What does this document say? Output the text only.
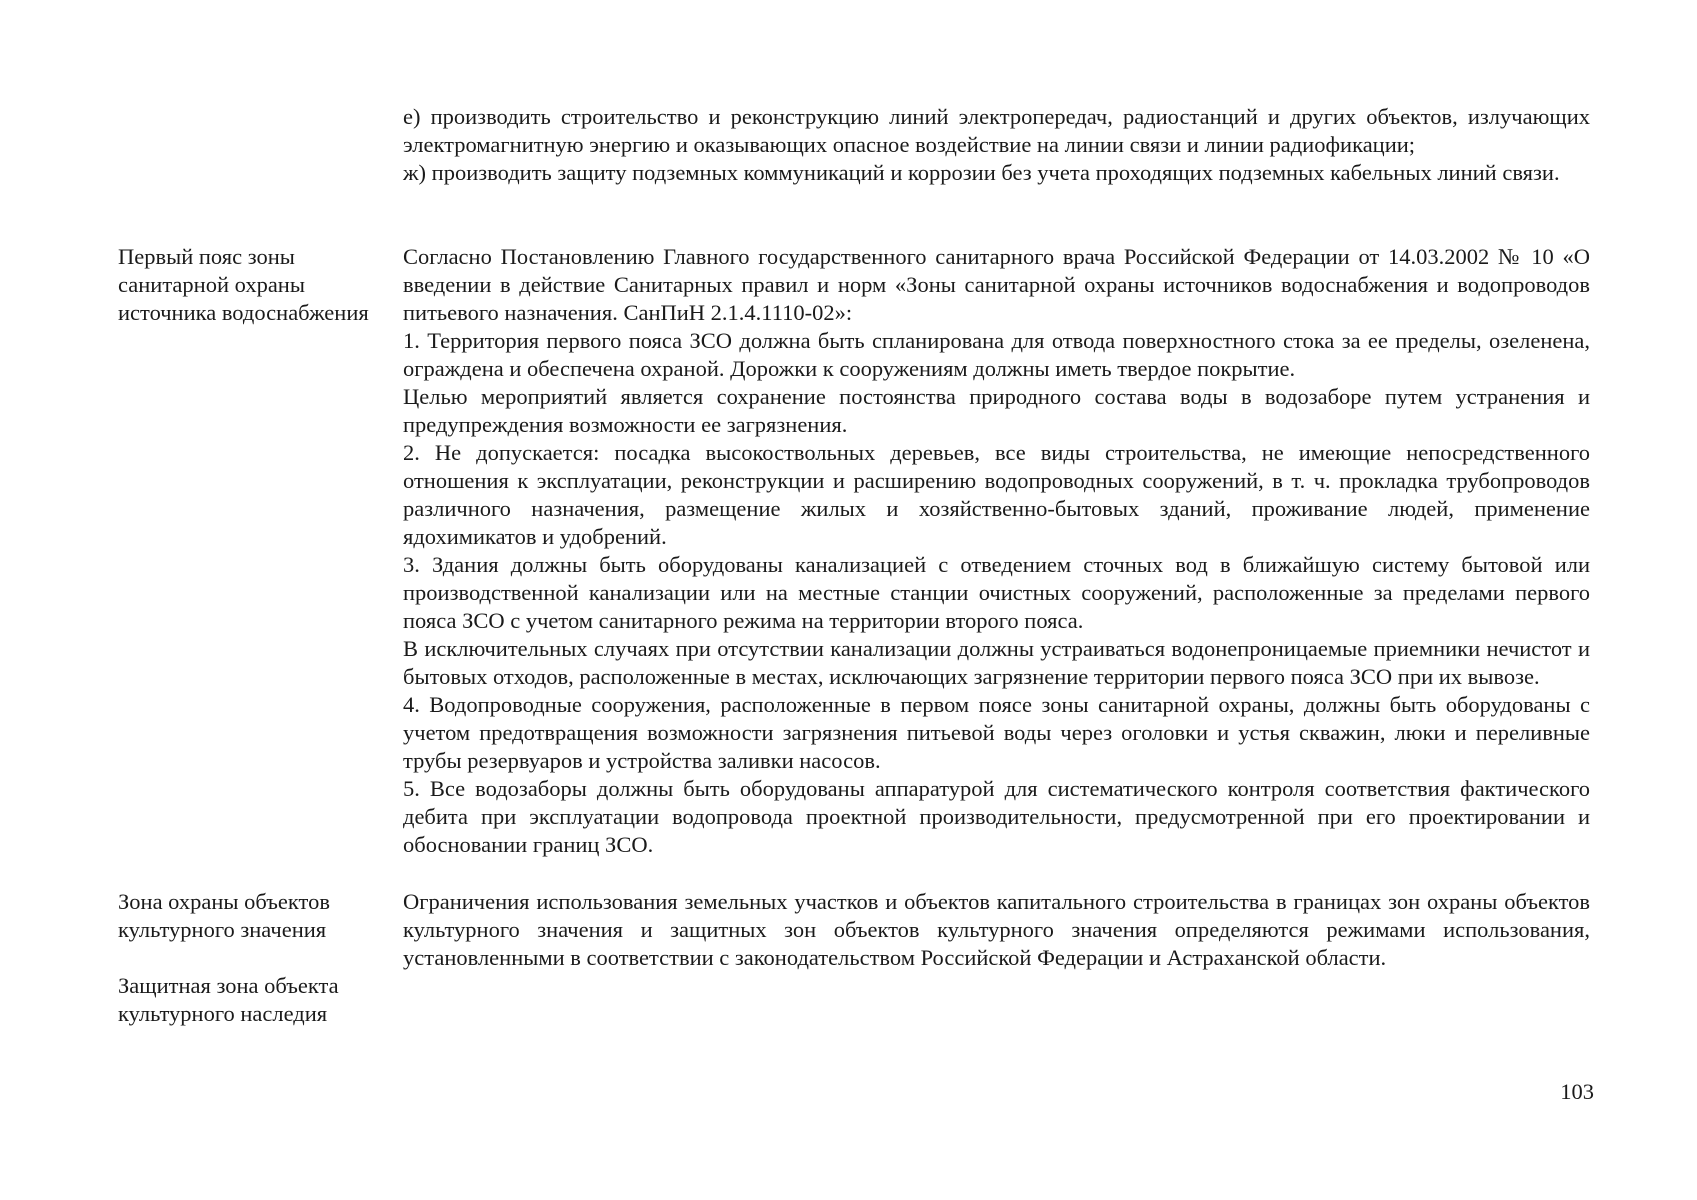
е) производить строительство и реконструкцию линий электропередач, радиостанций и других объектов, излучающих электромагнитную энергию и оказывающих опасное воздействие на линии связи и линии радиофикации;

ж) производить защиту подземных коммуникаций и коррозии без учета проходящих подземных кабельных линий связи.

Первый пояс зоны санитарной охраны источника водоснабжения

Согласно Постановлению Главного государственного санитарного врача Российской Федерации от 14.03.2002 № 10 «О введении в действие Санитарных правил и норм «Зоны санитарной охраны источников водоснабжения и водопроводов питьевого назначения. СанПиН 2.1.4.1110-02»:

1. Территория первого пояса ЗСО должна быть спланирована для отвода поверхностного стока за ее пределы, озеленена, ограждена и обеспечена охраной. Дорожки к сооружениям должны иметь твердое покрытие.

Целью мероприятий является сохранение постоянства природного состава воды в водозаборе путем устранения и предупреждения возможности ее загрязнения.

2. Не допускается: посадка высокоствольных деревьев, все виды строительства, не имеющие непосредственного отношения к эксплуатации, реконструкции и расширению водопроводных сооружений, в т. ч. прокладка трубопроводов различного назначения, размещение жилых и хозяйственно-бытовых зданий, проживание людей, применение ядохимикатов и удобрений.

3. Здания должны быть оборудованы канализацией с отведением сточных вод в ближайшую систему бытовой или производственной канализации или на местные станции очистных сооружений, расположенные за пределами первого пояса ЗСО с учетом санитарного режима на территории второго пояса.

В исключительных случаях при отсутствии канализации должны устраиваться водонепроницаемые приемники нечистот и бытовых отходов, расположенные в местах, исключающих загрязнение территории первого пояса ЗСО при их вывозе.

4. Водопроводные сооружения, расположенные в первом поясе зоны санитарной охраны, должны быть оборудованы с учетом предотвращения возможности загрязнения питьевой воды через оголовки и устья скважин, люки и переливные трубы резервуаров и устройства заливки насосов.

5. Все водозаборы должны быть оборудованы аппаратурой для систематического контроля соответствия фактического дебита при эксплуатации водопровода проектной производительности, предусмотренной при его проектировании и обосновании границ ЗСО.

Зона охраны объектов культурного значения

Защитная зона объекта культурного наследия

Ограничения использования земельных участков и объектов капитального строительства в границах зон охраны объектов культурного значения и защитных зон объектов культурного значения определяются режимами использования, установленными в соответствии с законодательством Российской Федерации и Астраханской области.

103
